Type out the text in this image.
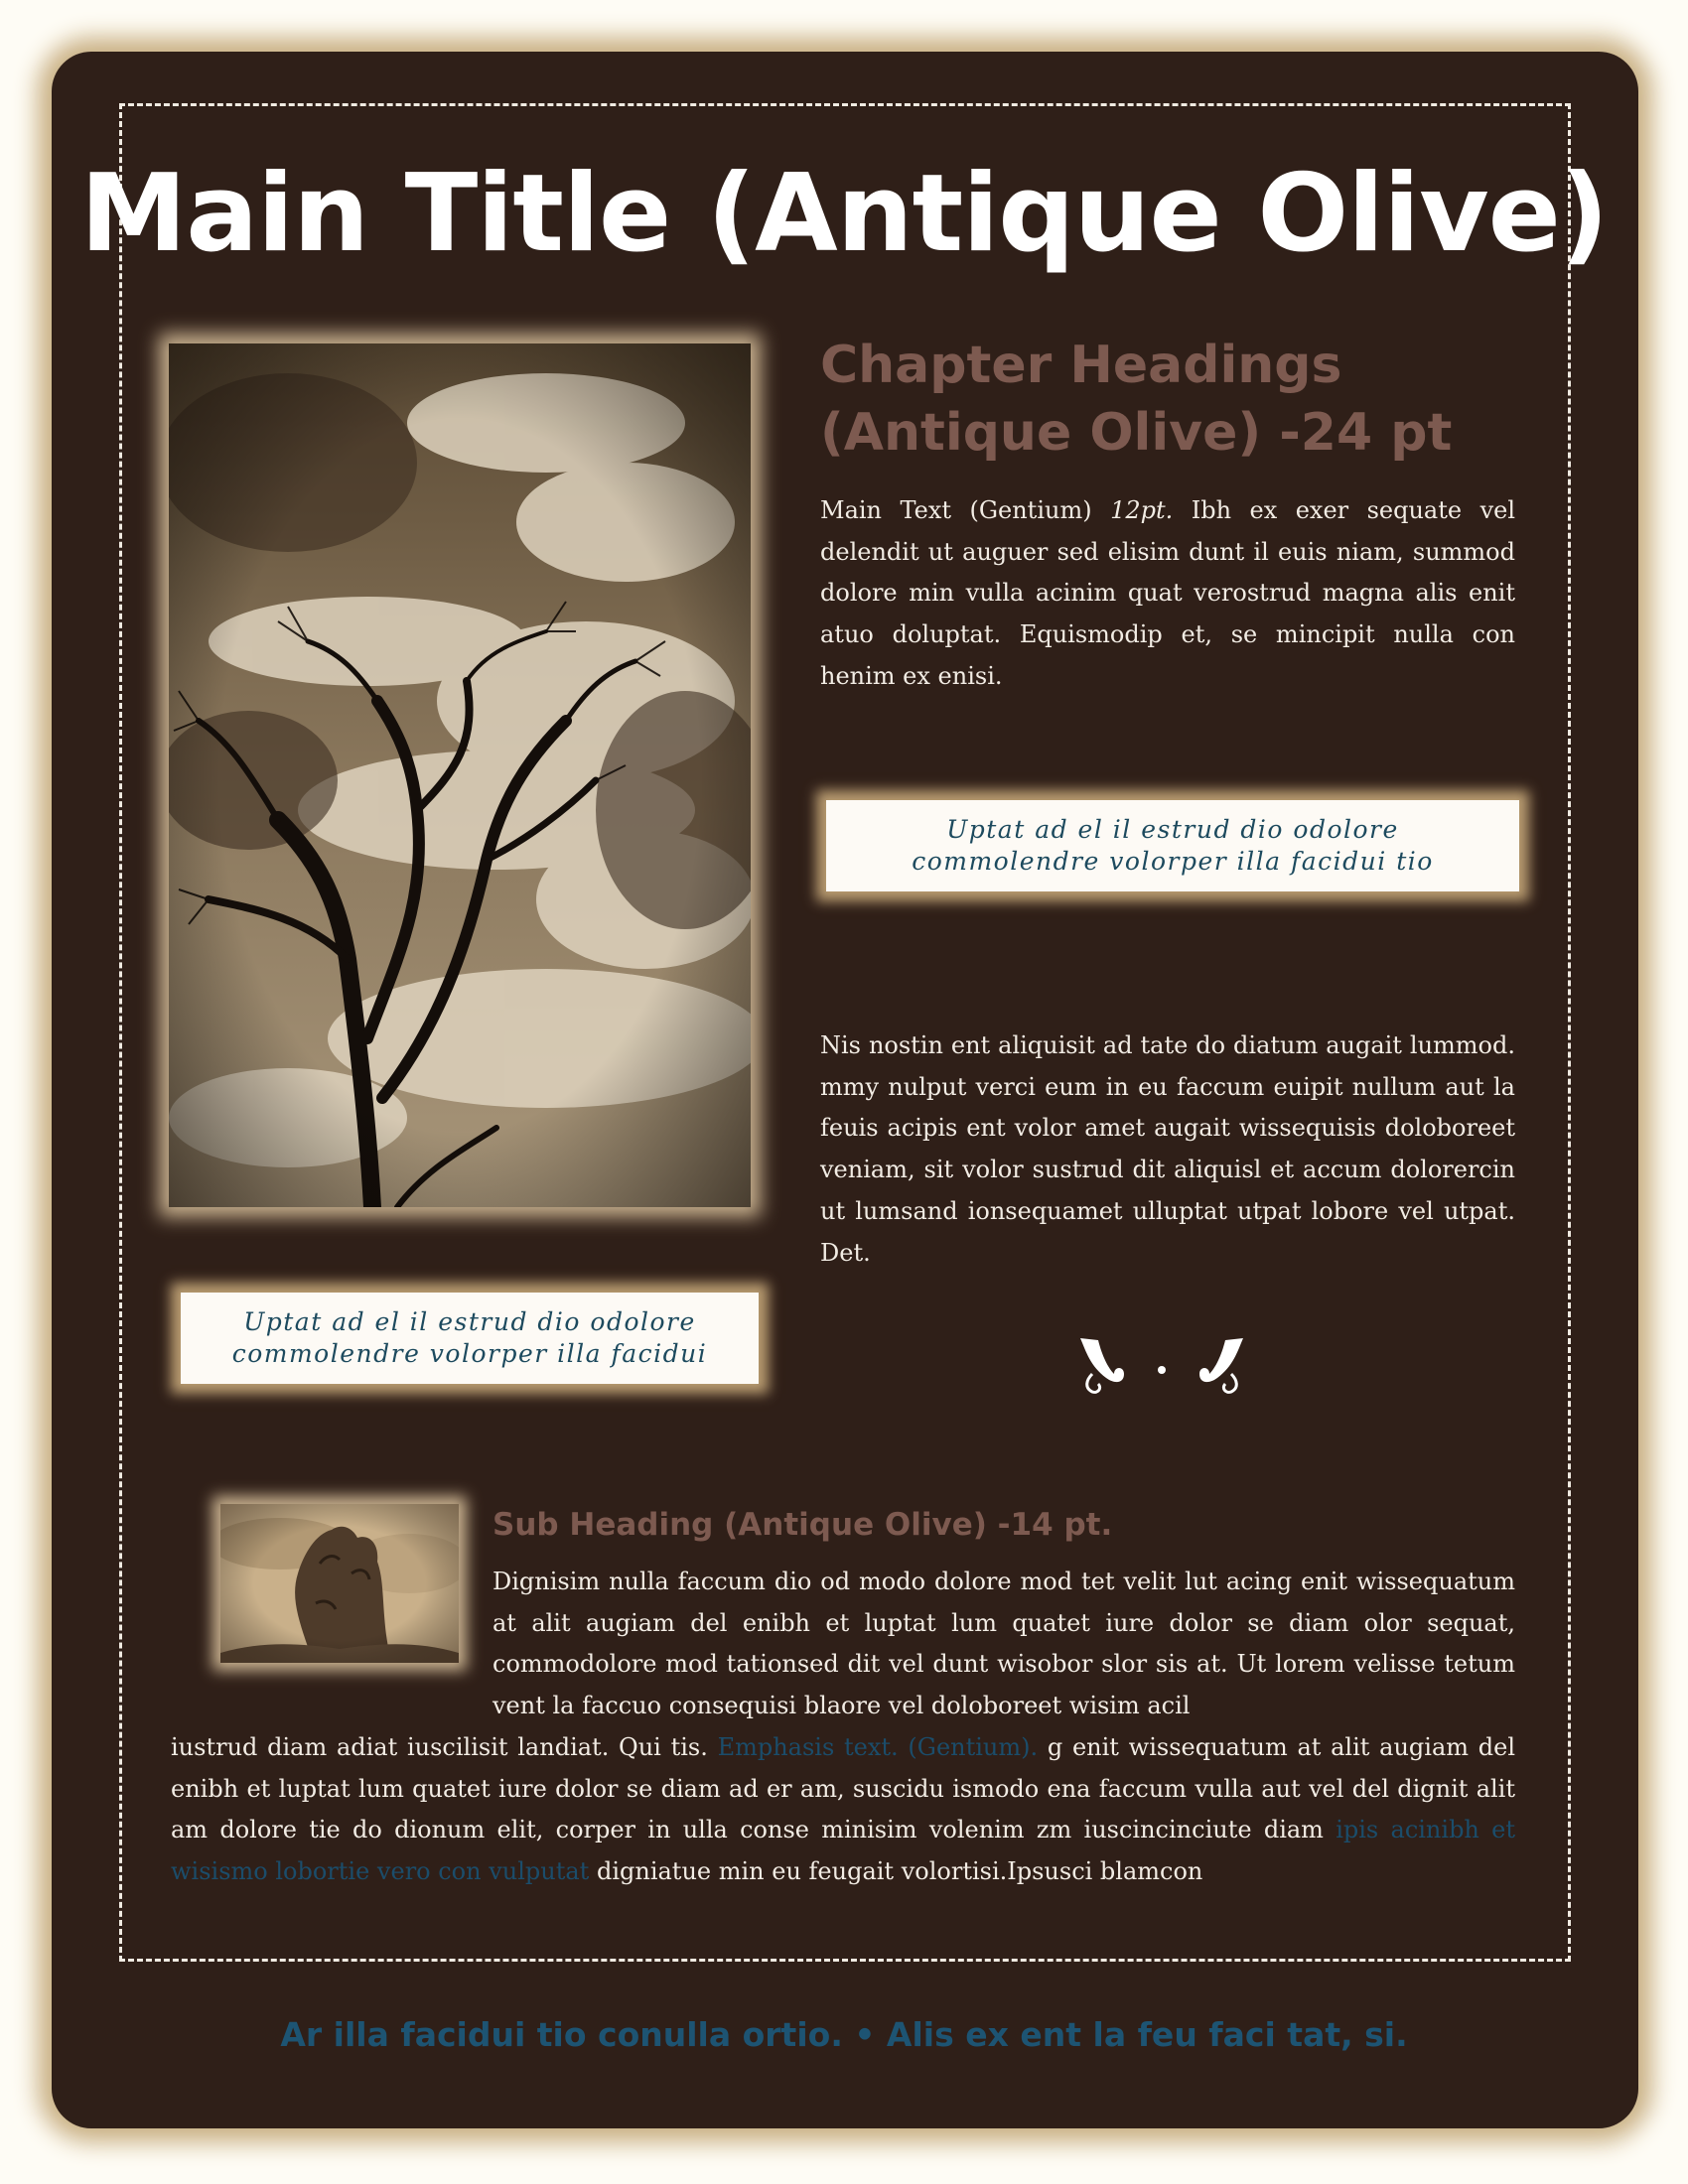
Main Title (Antique Olive)
Chapter Headings
(Antique Olive) -24 pt
Main Text (Gentium) 12pt. Ibh ex exer sequate vel delendit ut auguer sed elisim dunt il euis niam, summod dolore min vulla acinim quat verostrud magna alis enit atuo doluptat. Equismodip et, se mincipit nulla con henim ex enisi.
Uptat ad el il estrud dio odolore
commolendre volorper illa facidui tio
Nis nostin ent aliquisit ad tate do diatum augait lummod. mmy nulput verci eum in eu faccum euipit nullum aut la feuis acipis ent volor amet augait wissequisis doloboreet veniam, sit volor sustrud dit aliquisl et accum dolorercin ut lumsand ionsequamet ulluptat utpat lobore vel utpat. Det.
Uptat ad el il estrud dio odolore
commolendre volorper illa facidui
Sub Heading (Antique Olive) -14 pt.
Dignisim nulla faccum dio od modo dolore mod tet velit lut acing enit wissequatum at alit augiam del enibh et luptat lum quatet iure dolor se diam olor sequat, commodolore mod tationsed dit vel dunt wisobor slor sis at. Ut lorem velisse tetum vent la faccuo consequisi blaore vel doloboreet wisim acil
iustrud diam adiat iuscilisit landiat. Qui tis. Emphasis text. (Gentium). g enit wissequatum at alit augiam del enibh et luptat lum quatet iure dolor se diam ad er am, suscidu ismodo ena faccum vulla aut vel del dignit alit am dolore tie do dionum elit, corper in ulla conse minisim volenim zm iuscincinciute diam ipis acinibh et wisismo lobortie vero con vulputat digniatue min eu feugait volortisi.Ipsusci blamcon
Ar illa facidui tio conulla ortio. • Alis ex ent la feu faci tat, si.
